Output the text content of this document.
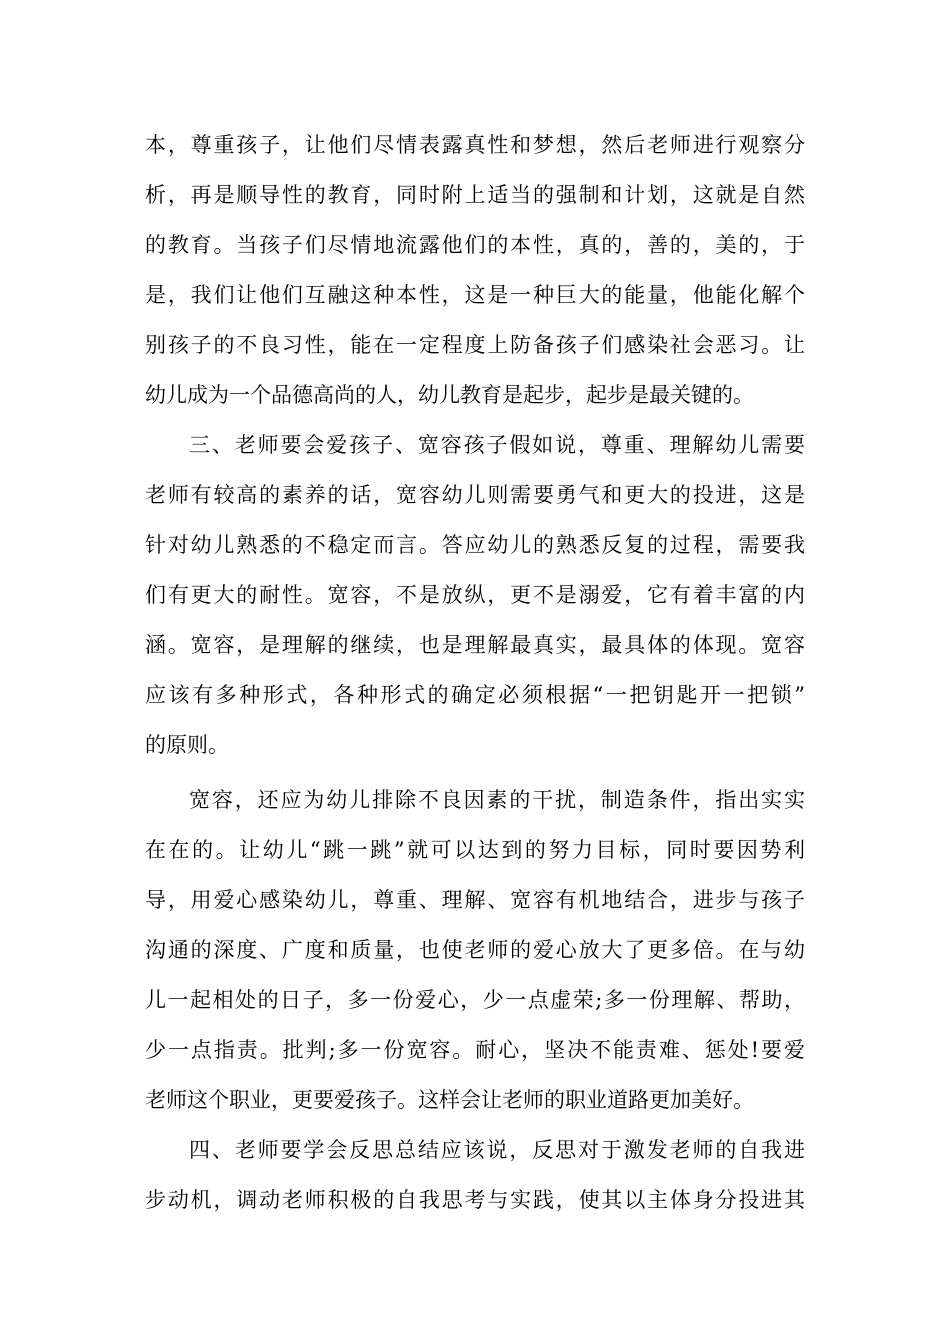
本，尊重孩子，让他们尽情表露真性和梦想，然后老师进行观察分
析，再是顺导性的教育，同时附上适当的强制和计划，这就是自然
的教育。当孩子们尽情地流露他们的本性，真的，善的，美的，于
是，我们让他们互融这种本性，这是一种巨大的能量，他能化解个
别孩子的不良习性，能在一定程度上防备孩子们感染社会恶习。让
幼儿成为一个品德高尚的人，幼儿教育是起步，起步是最关键的。
三、老师要会爱孩子、宽容孩子假如说，尊重、理解幼儿需要
老师有较高的素养的话，宽容幼儿则需要勇气和更大的投进，这是
针对幼儿熟悉的不稳定而言。答应幼儿的熟悉反复的过程，需要我
们有更大的耐性。宽容，不是放纵，更不是溺爱，它有着丰富的内
涵。宽容，是理解的继续，也是理解最真实，最具体的体现。宽容
应该有多种形式，各种形式的确定必须根据“一把钥匙开一把锁”
的原则。
宽容，还应为幼儿排除不良因素的干扰，制造条件，指出实实
在在的。让幼儿“跳一跳”就可以达到的努力目标，同时要因势利
导，用爱心感染幼儿，尊重、理解、宽容有机地结合，进步与孩子
沟通的深度、广度和质量，也使老师的爱心放大了更多倍。在与幼
儿一起相处的日子，多一份爱心，少一点虚荣;多一份理解、帮助，
少一点指责。批判;多一份宽容。耐心，坚决不能责难、惩处!要爱
老师这个职业，更要爱孩子。这样会让老师的职业道路更加美好。
四、老师要学会反思总结应该说，反思对于激发老师的自我进
步动机，调动老师积极的自我思考与实践，使其以主体身分投进其
